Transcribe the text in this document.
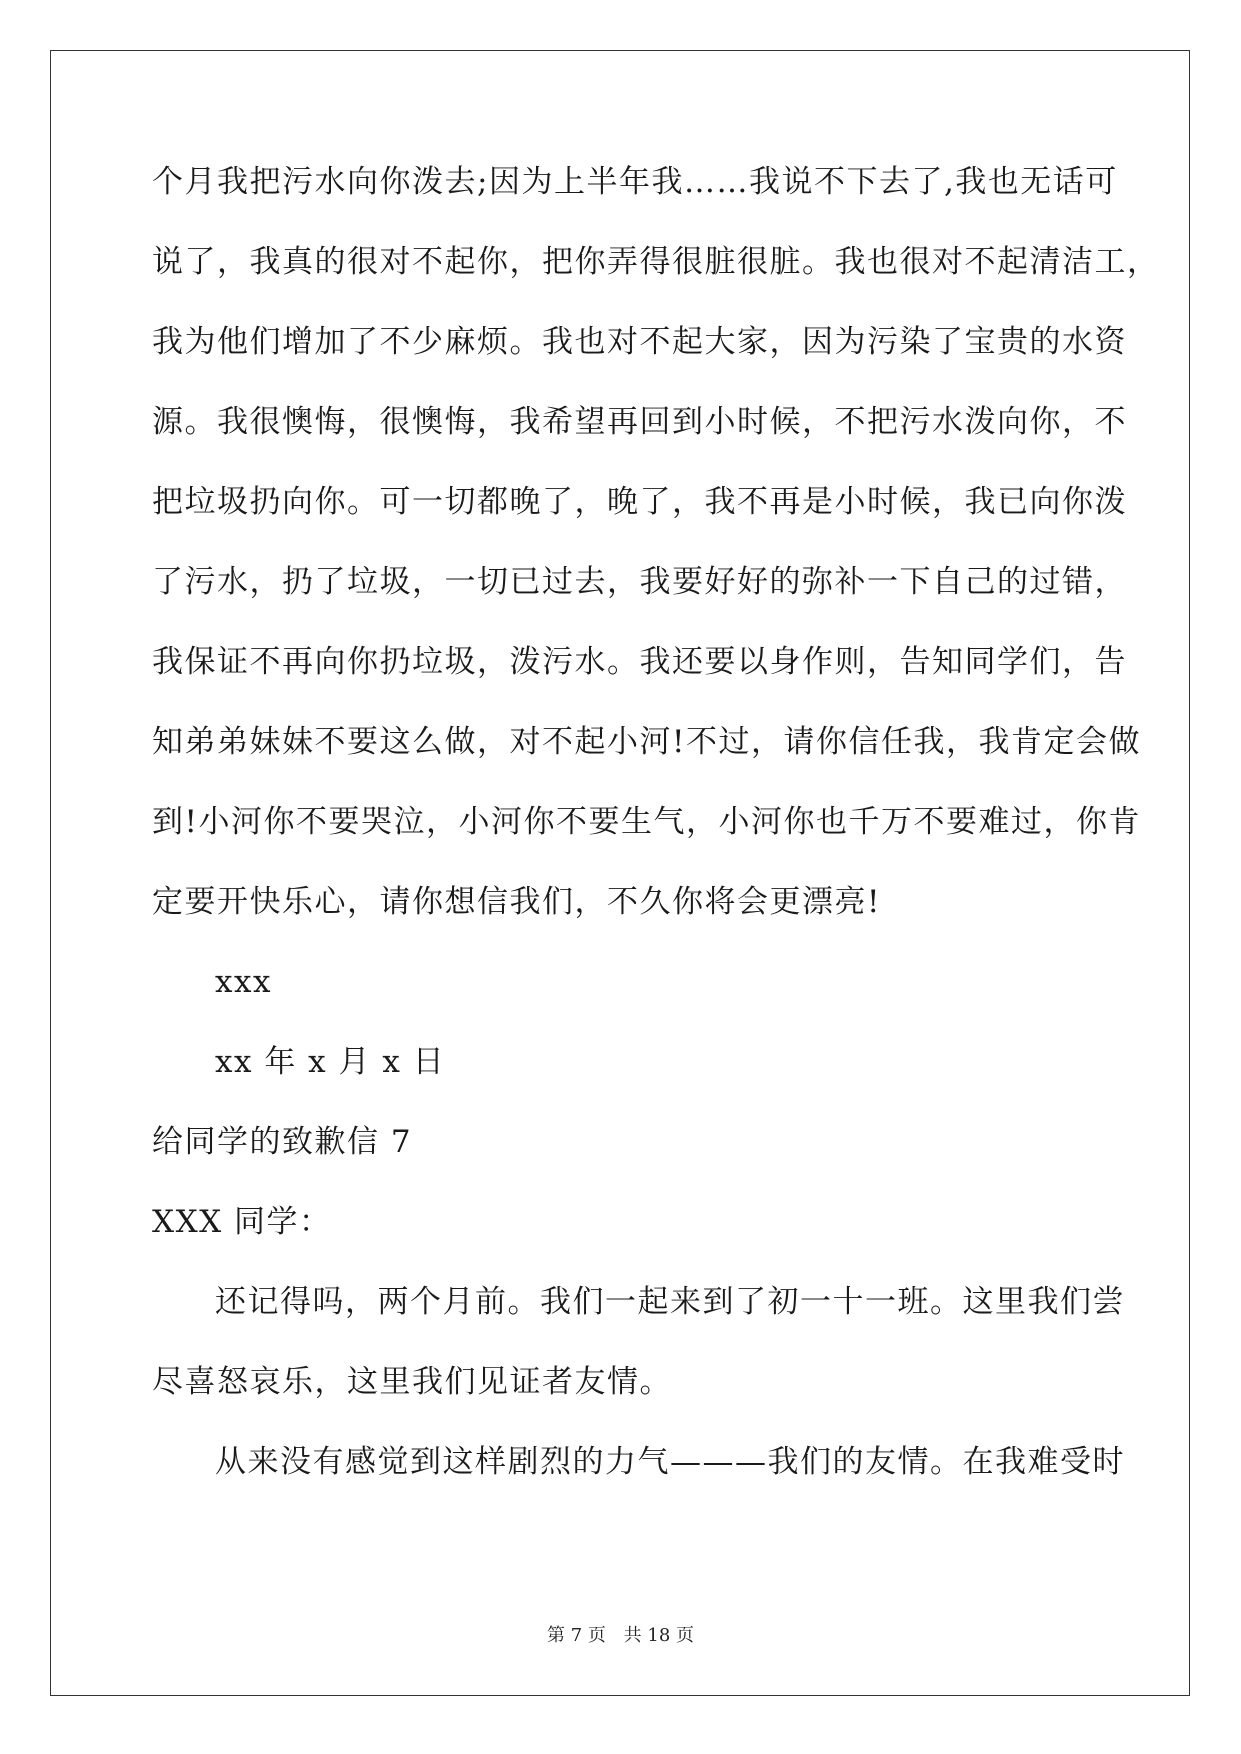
个月我把污水向你泼去;因为上半年我……我说不下去了,我也无话可
说了，我真的很对不起你，把你弄得很脏很脏。我也很对不起清洁工，
我为他们增加了不少麻烦。我也对不起大家，因为污染了宝贵的水资
源。我很懊悔，很懊悔，我希望再回到小时候，不把污水泼向你，不
把垃圾扔向你。可一切都晚了，晚了，我不再是小时候，我已向你泼
了污水，扔了垃圾，一切已过去，我要好好的弥补一下自己的过错，
我保证不再向你扔垃圾，泼污水。我还要以身作则，告知同学们，告
知弟弟妹妹不要这么做，对不起小河!不过，请你信任我，我肯定会做
到!小河你不要哭泣，小河你不要生气，小河你也千万不要难过，你肯
定要开快乐心，请你想信我们，不久你将会更漂亮!
xxx
xx 年 x 月 x 日
给同学的致歉信 7
XXX 同学：
还记得吗，两个月前。我们一起来到了初一十一班。这里我们尝
尽喜怒哀乐，这里我们见证者友情。
从来没有感觉到这样剧烈的力气———我们的友情。在我难受时
第 7 页 共 18 页
